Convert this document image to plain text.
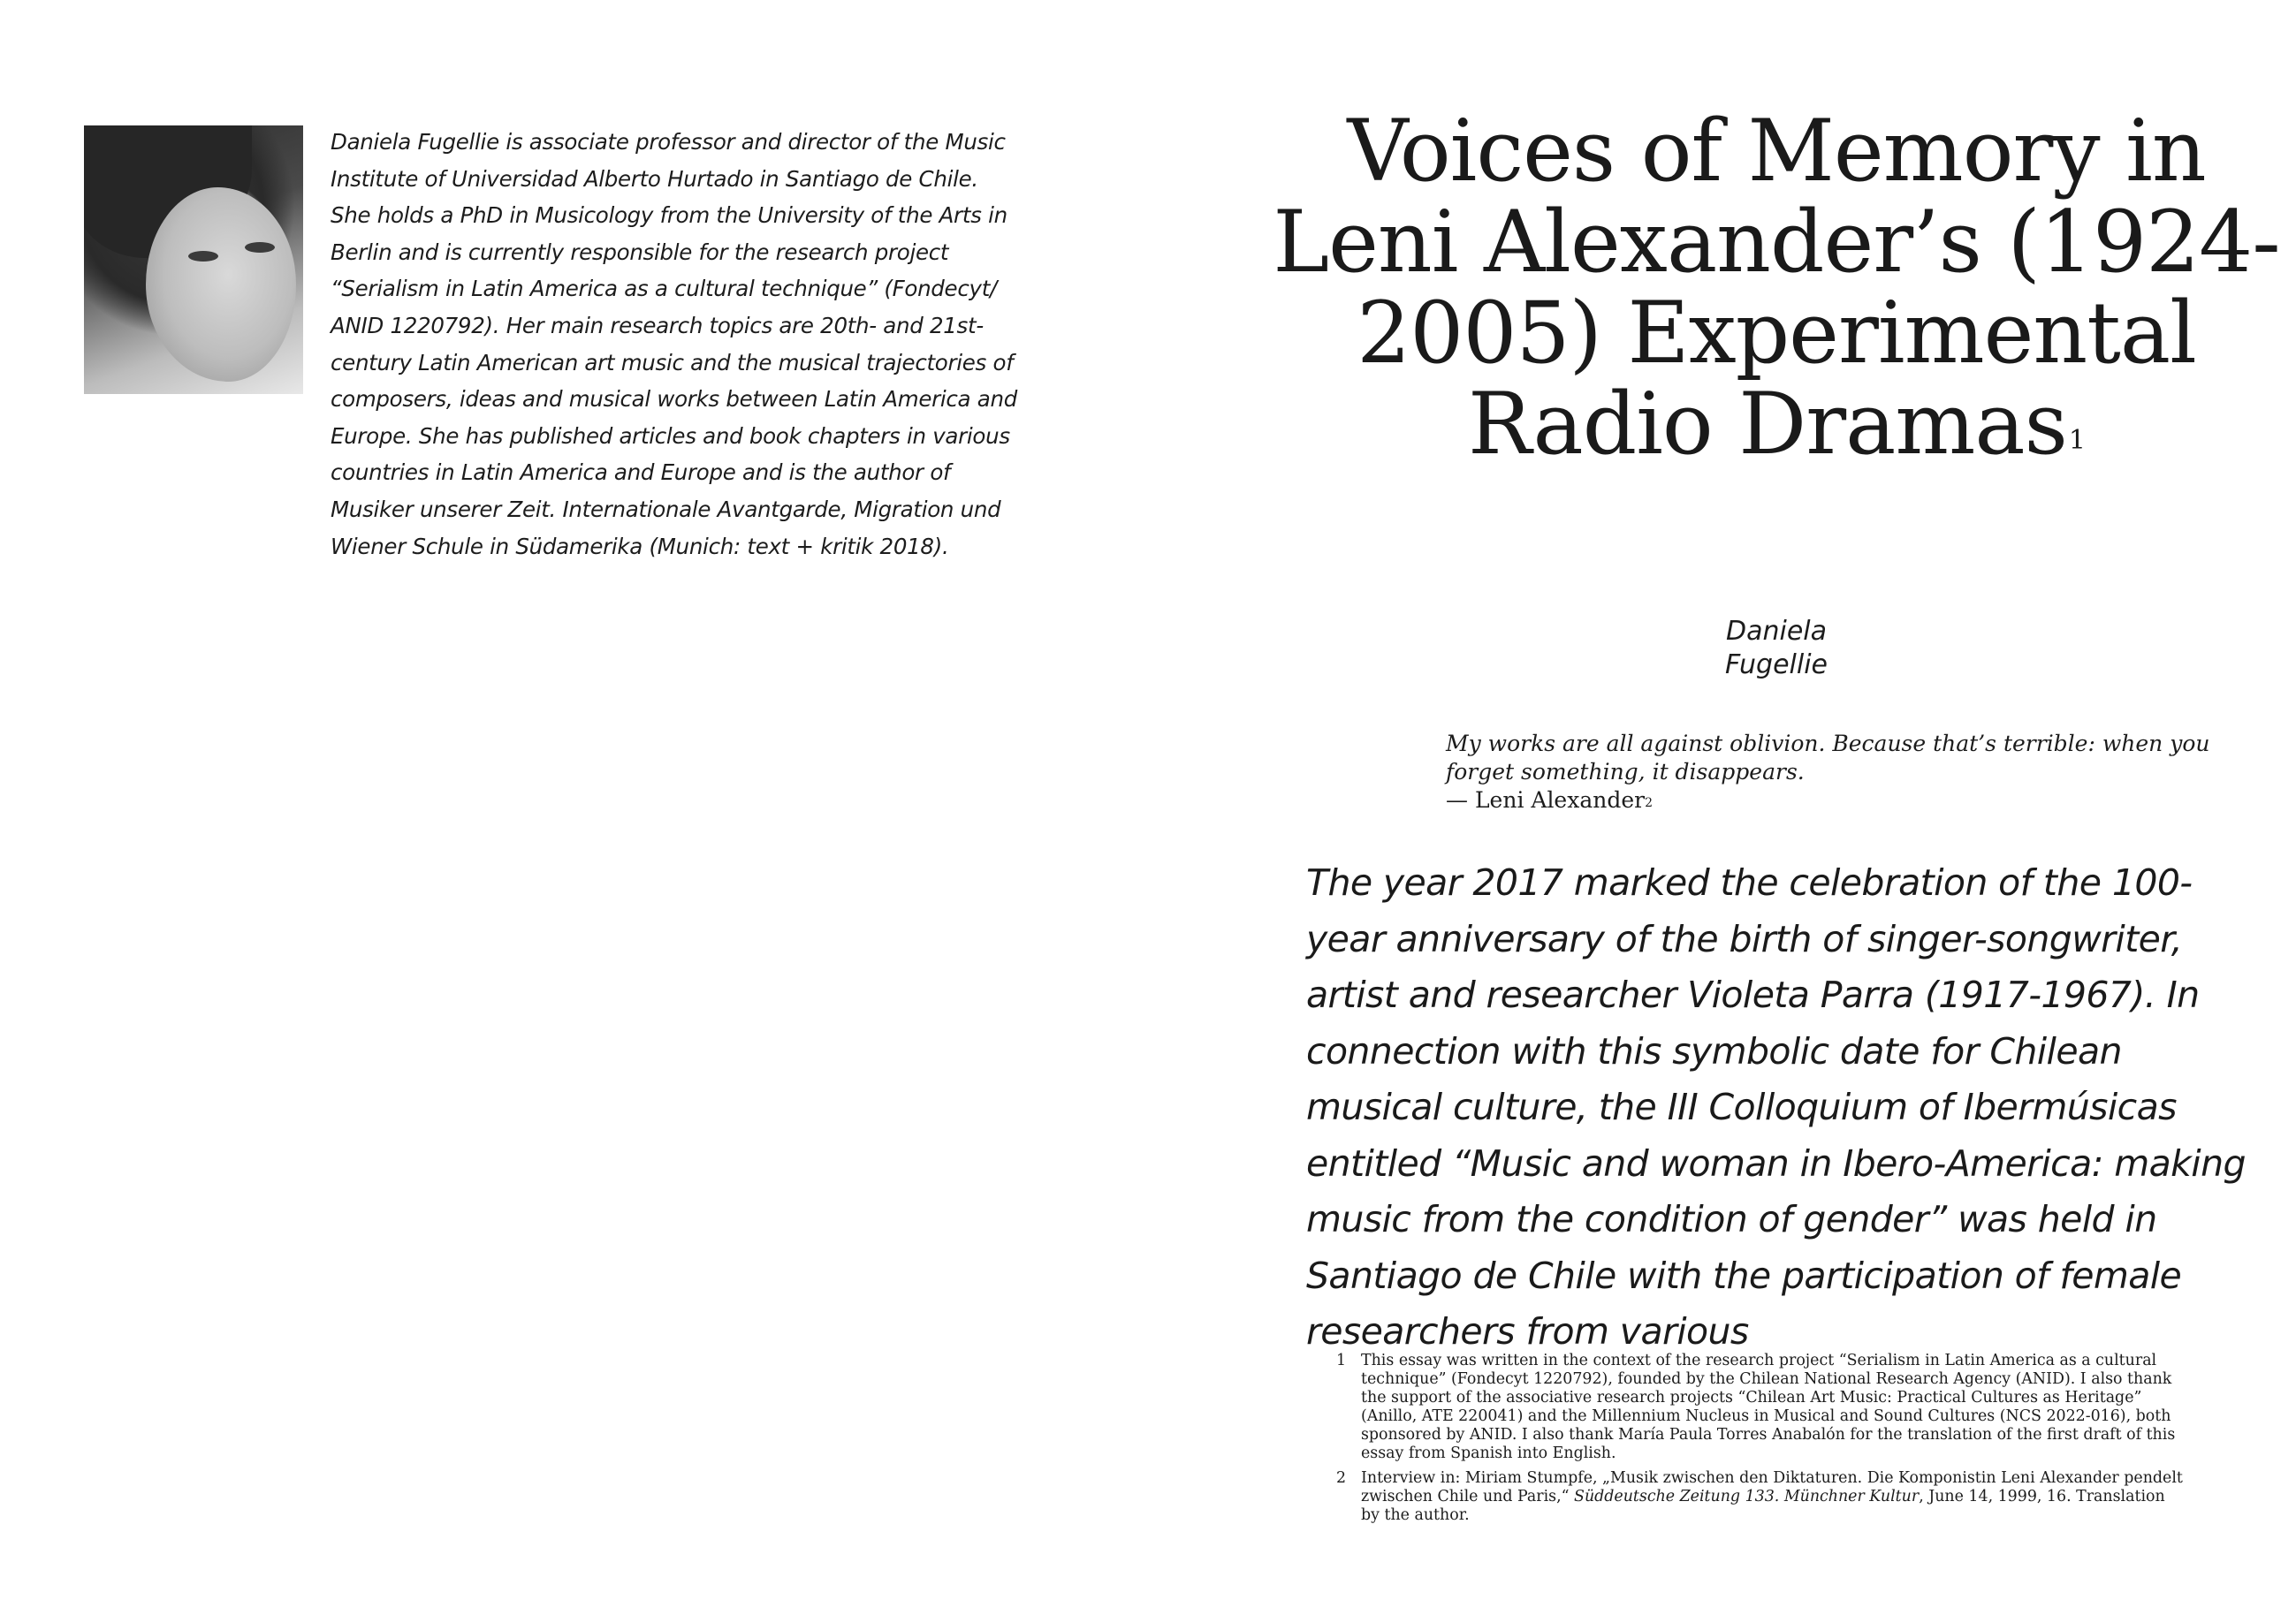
Daniela Fugellie is associate professor and director of the Music Institute of Universidad Alberto Hurtado in Santiago de Chile. She holds a PhD in Musicology from the University of the Arts in Berlin and is currently responsible for the research project “Serialism in Latin America as a cultural technique” (Fondecyt/ ANID 1220792). Her main research topics are 20th- and 21st-century Latin American art music and the musical trajectories of composers, ideas and musical works between Latin America and Europe. She has published articles and book chapters in various countries in Latin America and Europe and is the author of Musiker unserer Zeit. Internationale Avantgarde, Migration und Wiener Schule in Südamerika (Munich: text + kritik 2018).

Voices of Memory in Leni Alexander’s (1924-2005) Experimental Radio Dramas$^1$
Daniela
Fugellie
My works are all against oblivion. Because that’s terrible: when you forget something, it disappears.
— Leni Alexander$^2$

The year 2017 marked the celebration of the 100-year anniversary of the birth of singer-songwriter, artist and researcher Violeta Parra (1917-1967). In connection with this symbolic date for Chilean musical culture, the III Colloquium of Ibermúsicas entitled “Music and woman in Ibero-America: making music from the condition of gender” was held in Santiago de Chile with the participation of female researchers from various

1 This essay was written in the context of the research project “Serialism in Latin America as a cultural technique” (Fondecyt 1220792), founded by the Chilean National Research Agency (ANID). I also thank the support of the associative research projects “Chilean Art Music: Practical Cultures as Heritage” (Anillo, ATE 220041) and the Millennium Nucleus in Musical and Sound Cultures (NCS 2022-016), both sponsored by ANID. I also thank María Paula Torres Anabalón for the translation of the first draft of this essay from Spanish into English.
2 Interview in: Miriam Stumpfe, „Musik zwischen den Diktaturen. Die Komponistin Leni Alexander pendelt zwischen Chile und Paris,“ Süddeutsche Zeitung 133. Münchner Kultur, June 14, 1999, 16. Translation by the author.
